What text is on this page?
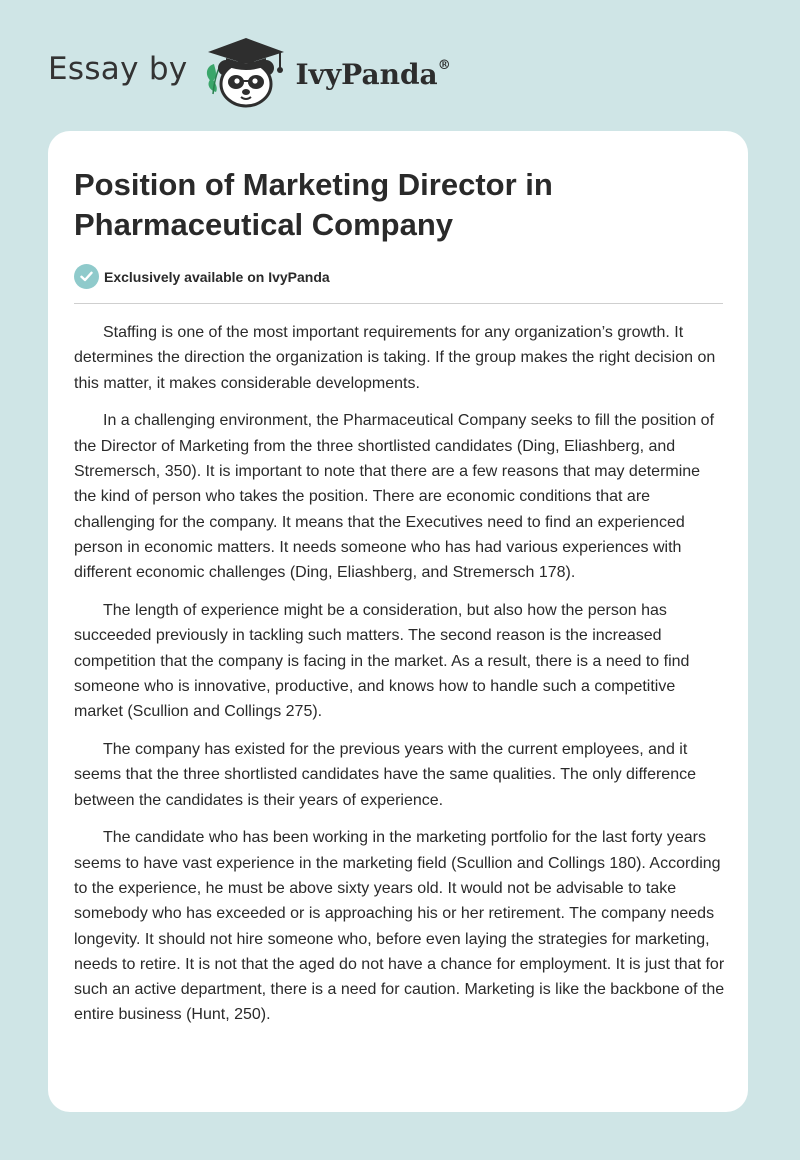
Essay by	IvyPanda®
Position of Marketing Director in Pharmaceutical Company
Exclusively available on IvyPanda

Staffing is one of the most important requirements for any organization’s growth. It determines the direction the organization is taking. If the group makes the right decision on this matter, it makes considerable developments.

In a challenging environment, the Pharmaceutical Company seeks to fill the position of the Director of Marketing from the three shortlisted candidates (Ding, Eliashberg, and Stremersch, 350). It is important to note that there are a few reasons that may determine the kind of person who takes the position. There are economic conditions that are challenging for the company. It means that the Executives need to find an experienced person in economic matters. It needs someone who has had various experiences with different economic challenges (Ding, Eliashberg, and Stremersch 178).

The length of experience might be a consideration, but also how the person has succeeded previously in tackling such matters. The second reason is the increased competition that the company is facing in the market. As a result, there is a need to find someone who is innovative, productive, and knows how to handle such a competitive market (Scullion and Collings 275).

The company has existed for the previous years with the current employees, and it seems that the three shortlisted candidates have the same qualities. The only difference between the candidates is their years of experience.

The candidate who has been working in the marketing portfolio for the last forty years seems to have vast experience in the marketing field (Scullion and Collings 180). According to the experience, he must be above sixty years old. It would not be advisable to take somebody who has exceeded or is approaching his or her retirement. The company needs longevity. It should not hire someone who, before even laying the strategies for marketing, needs to retire. It is not that the aged do not have a chance for employment. It is just that for such an active department, there is a need for caution. Marketing is like the backbone of the entire business (Hunt, 250).
